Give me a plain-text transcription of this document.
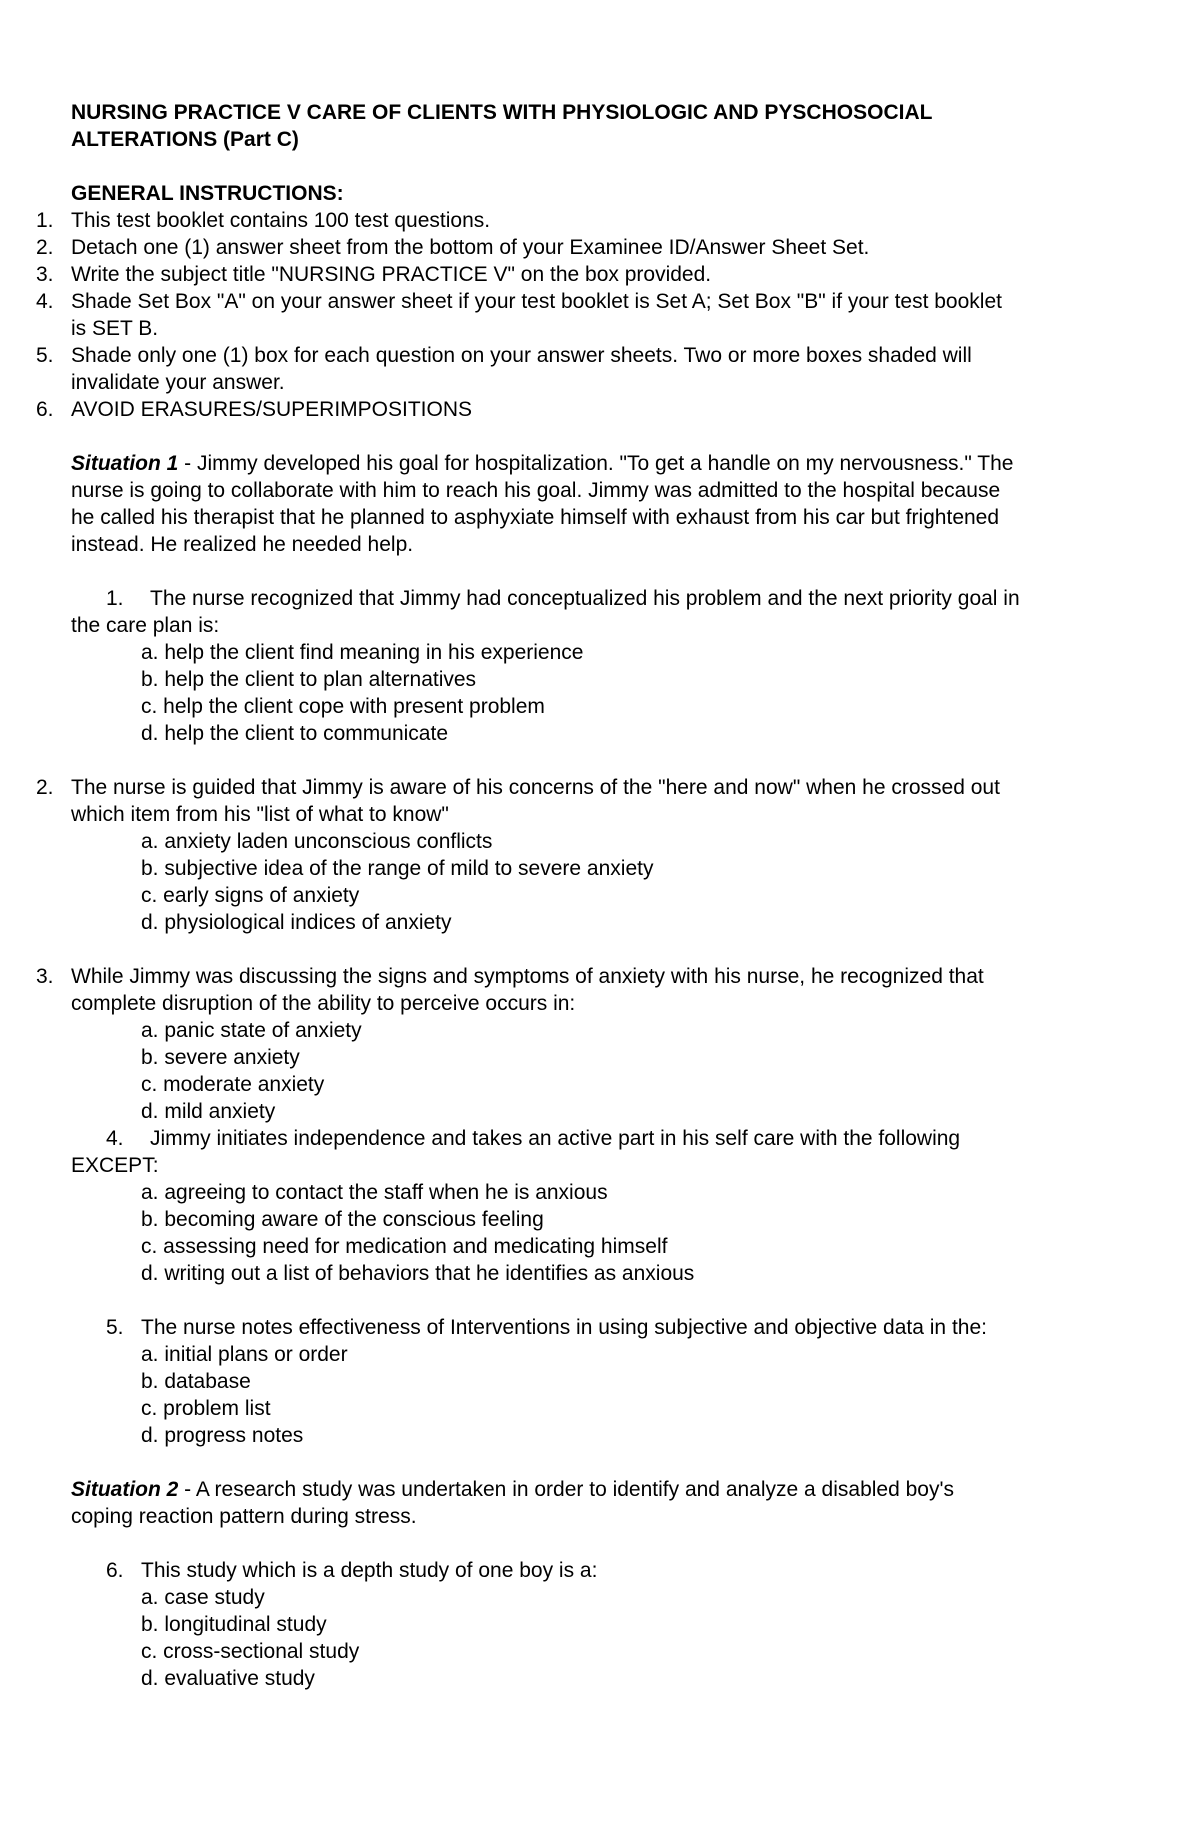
NURSING PRACTICE V CARE OF CLIENTS WITH PHYSIOLOGIC AND PYSCHOSOCIAL
ALTERATIONS (Part C)
GENERAL INSTRUCTIONS:
1. This test booklet contains 100 test questions.
2. Detach one (1) answer sheet from the bottom of your Examinee ID/Answer Sheet Set.
3. Write the subject title "NURSING PRACTICE V" on the box provided.
4. Shade Set Box "A" on your answer sheet if your test booklet is Set A; Set Box "B" if your test booklet
is SET B.
5. Shade only one (1) box for each question on your answer sheets. Two or more boxes shaded will
invalidate your answer.
6. AVOID ERASURES/SUPERIMPOSITIONS
Situation 1 - Jimmy developed his goal for hospitalization. "To get a handle on my nervousness." The
nurse is going to collaborate with him to reach his goal. Jimmy was admitted to the hospital because
he called his therapist that he planned to asphyxiate himself with exhaust from his car but frightened
instead. He realized he needed help.
1. The nurse recognized that Jimmy had conceptualized his problem and the next priority goal in
the care plan is:
a. help the client find meaning in his experience
b. help the client to plan alternatives
c. help the client cope with present problem
d. help the client to communicate
2. The nurse is guided that Jimmy is aware of his concerns of the "here and now" when he crossed out
which item from his "list of what to know"
a. anxiety laden unconscious conflicts
b. subjective idea of the range of mild to severe anxiety
c. early signs of anxiety
d. physiological indices of anxiety
3. While Jimmy was discussing the signs and symptoms of anxiety with his nurse, he recognized that
complete disruption of the ability to perceive occurs in:
a. panic state of anxiety
b. severe anxiety
c. moderate anxiety
d. mild anxiety
4. Jimmy initiates independence and takes an active part in his self care with the following
EXCEPT:
a. agreeing to contact the staff when he is anxious
b. becoming aware of the conscious feeling
c. assessing need for medication and medicating himself
d. writing out a list of behaviors that he identifies as anxious
5. The nurse notes effectiveness of Interventions in using subjective and objective data in the:
a. initial plans or order
b. database
c. problem list
d. progress notes
Situation 2 - A research study was undertaken in order to identify and analyze a disabled boy's
coping reaction pattern during stress.
6. This study which is a depth study of one boy is a:
a. case study
b. longitudinal study
c. cross-sectional study
d. evaluative study
